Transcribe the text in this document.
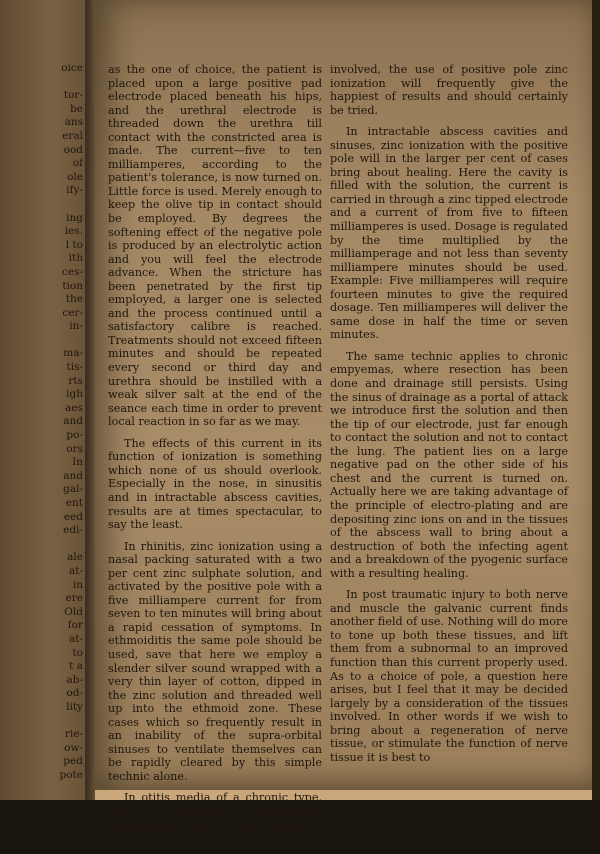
oice

tor-
be
ans
eral
ood
of
ole
ify-

ing
ies.
l to
ith
ces-
tion
the
cer-
in-

ma-
tis-
rts
igh
aes
and
po-
ors
In
and
gal-
ent
eed
edi-

ale
at-
in
ere
Old
for
at-
to
t a
ab-
od-
lity

rie-
ow-
ped
pote

as the one of choice, the patient is placed upon a large positive pad electrode placed beneath his hips, and the urethral electrode is threaded down the urethra till contact with the constricted area is made. The current—five to ten milliamperes, according to the patient's tolerance, is now turned on. Little force is used. Merely enough to keep the olive tip in contact should be employed. By degrees the softening effect of the negative pole is produced by an electrolytic action and you will feel the electrode advance. When the stricture has been penetrated by the first tip employed, a larger one is selected and the process continued until a satisfactory calibre is reached. Treatments should not exceed fifteen minutes and should be repeated every second or third day and urethra should be instilled with a weak silver salt at the end of the seance each time in order to prevent local reaction in so far as we may.

The effects of this current in its function of ionization is something which none of us should overlook. Especially in the nose, in sinusitis and in intractable abscess cavities, results are at times spectacular, to say the least.

In rhinitis, zinc ionization using a nasal packing saturated with a two per cent zinc sulphate solution, and activated by the positive pole with a five milliampere current for from seven to ten minutes will bring about a rapid cessation of symptoms. In ethmoiditis the same pole should be used, save that here we employ a slender silver sound wrapped with a very thin layer of cotton, dipped in the zinc solution and threaded well up into the ethmoid zone. These cases which so frequently result in an inability of the supra-orbital sinuses to ventilate themselves can be rapidly cleared by this simple technic alone.

In otitis media of a chronic type, with a ruptured or perforated tympanum and where the mastoid is not

involved, the use of positive pole zinc ionization will frequently give the happiest of results and should certainly be tried.

In intractable abscess cavities and sinuses, zinc ionization with the positive pole will in the larger per cent of cases bring about healing. Here the cavity is filled with the solution, the current is carried in through a zinc tipped electrode and a current of from five to fifteen milliamperes is used. Dosage is regulated by the time multiplied by the milliamperage and not less than seventy milliampere minutes should be used. Example: Five milliamperes will require fourteen minutes to give the required dosage. Ten milliamperes will deliver the same dose in half the time or seven minutes.

The same technic applies to chronic empyemas, where resection has been done and drainage still persists. Using the sinus of drainage as a portal of attack we introduce first the solution and then the tip of our electrode, just far enough to contact the solution and not to contact the lung. The patient lies on a large negative pad on the other side of his chest and the current is turned on. Actually here we are taking advantage of the principle of electro-plating and are depositing zinc ions on and in the tissues of the abscess wall to bring about a destruction of both the infecting agent and a breakdown of the pyogenic surface with a resulting healing.

In post traumatic injury to both nerve and muscle the galvanic current finds another field of use. Nothing will do more to tone up both these tissues, and lift them from a subnormal to an improved function than this current properly used. As to a choice of pole, a question here arises, but I feel that it may be decided largely by a consideration of the tissues involved. In other words if we wish to bring about a regeneration of nerve tissue, or stimulate the function of nerve tissue it is best to
